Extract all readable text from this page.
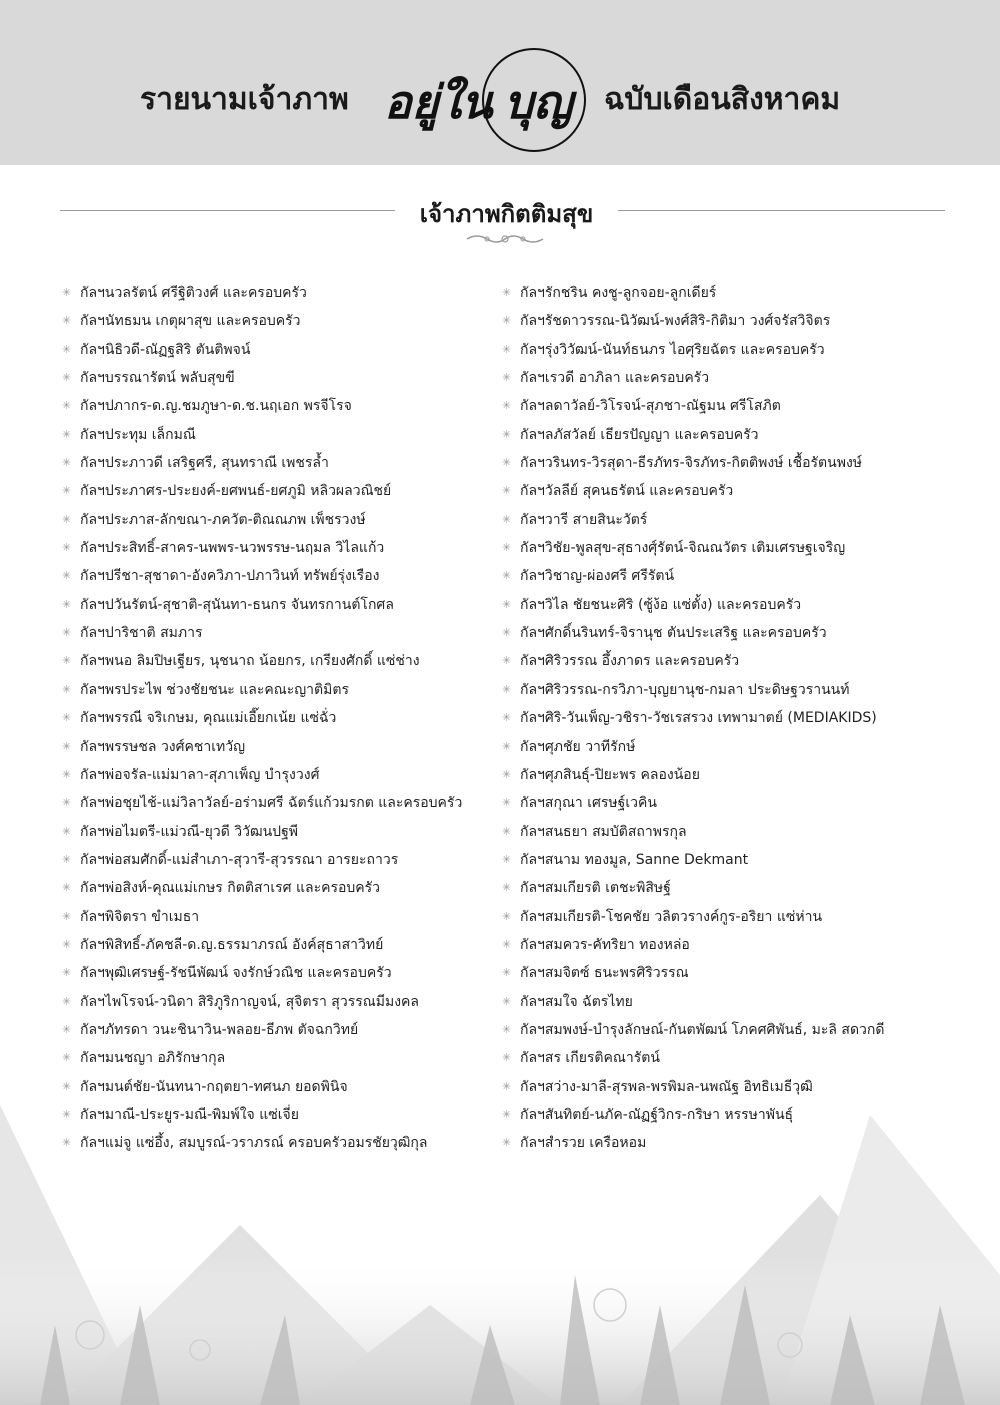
รายนามเจ้าภาพ อยู่ใน บุญ ฉบับเดือนสิงหาคม
เจ้าภาพกิตติมสุข
✳ กัลฯนวลรัตน์ ศรีฐิติวงศ์ และครอบครัว
✳ กัลฯนัทธมน เกตุผาสุข และครอบครัว
✳ กัลฯนิธิวดี-ณัฏฐสิริ ตันติพจน์
✳ กัลฯบรรณารัตน์ พลับสุขขี
✳ กัลฯปภากร-ด.ญ.ชมภูษา-ด.ช.นฤเอก พรจีโรจ
✳ กัลฯประทุม เล็กมณี
✳ กัลฯประภาวดี เสริฐศรี, สุนทราณี เพชรล้ำ
✳ กัลฯประภาศร-ประยงค์-ยศพนธ์-ยศภูมิ หลิวผลวณิชย์
✳ กัลฯประภาส-ลักขณา-ภควัต-ติณณภพ เพ็ชรวงษ์
✳ กัลฯประสิทธิ์-สาคร-นพพร-นวพรรษ-นฤมล วิไลแก้ว
✳ กัลฯปรีชา-สุชาดา-อังควิภา-ปภาวินท์ ทรัพย์รุ่งเรือง
✳ กัลฯปวันรัตน์-สุชาติ-สุนันทา-ธนกร จันทรกานต์โกศล
✳ กัลฯปาริชาติ สมภาร
✳ กัลฯพนอ ลิมปิษเฐียร, นุชนาถ น้อยกร, เกรียงศักดิ์ แซ่ช่าง
✳ กัลฯพรประไพ ช่วงชัยชนะ และคณะญาติมิตร
✳ กัลฯพรรณี จริเกษม, คุณแม่เอี๊ยกเน้ย แซ่ฉั่ว
✳ กัลฯพรรษชล วงศ์คชาเทวัญ
✳ กัลฯพ่อจรัล-แม่มาลา-สุภาเพ็ญ บำรุงวงศ์
✳ กัลฯพ่อชุยไช้-แม่วิลาวัลย์-อร่ามศรี ฉัตร์แก้วมรกต และครอบครัว
✳ กัลฯพ่อไมตรี-แม่วณี-ยุวดี วิวัฒนปฐพี
✳ กัลฯพ่อสมศักดิ์-แม่สำเภา-สุวารี-สุวรรณา อารยะถาวร
✳ กัลฯพ่อสิงห์-คุณแม่เกษร กิตติสาเรศ และครอบครัว
✳ กัลฯพิจิตรา ขำเมธา
✳ กัลฯพิสิทธิ์-ภัคชลี-ด.ญ.ธรรมาภรณ์ อังค์สุธาสาวิทย์
✳ กัลฯพุฒิเศรษฐ์-รัชนีพัฒน์ จงรักษ์วณิช และครอบครัว
✳ กัลฯไพโรจน์-วนิดา สิริภูริกาญจน์, สุจิตรา สุวรรณมีมงคล
✳ กัลฯภัทรดา วนะชินาวิน-พลอย-ธีภพ ตัจฉกวิทย์
✳ กัลฯมนชญา อภิรักษากุล
✳ กัลฯมนต์ชัย-นันทนา-กฤตยา-ทศนภ ยอดพินิจ
✳ กัลฯมาณี-ประยูร-มณี-พิมพ์ใจ แซ่เจี่ย
✳ กัลฯแม่จู แซ่อึ้ง, สมบูรณ์-วราภรณ์ ครอบครัวอมรชัยวุฒิกุล
✳ กัลฯรักชริน คงชู-ลูกจอย-ลูกเดียร์
✳ กัลฯรัชดาวรรณ-นิวัฒน์-พงศ์สิริ-กิติมา วงศ์จรัสวิจิตร
✳ กัลฯรุ่งวิวัฒน์-นันท์ธนภร ไอศุริยฉัตร และครอบครัว
✳ กัลฯเรวดี อาภิลา และครอบครัว
✳ กัลฯลดาวัลย์-วิโรจน์-สุภชา-ณัฐมน ศรีโสภิต
✳ กัลฯลภัสวัลย์ เธียรปัญญา และครอบครัว
✳ กัลฯวรินทร-วิรสุดา-ธีรภัทร-จิรภัทร-กิตติพงษ์ เชื้อรัตนพงษ์
✳ กัลฯวัลลีย์ สุคนธรัตน์ และครอบครัว
✳ กัลฯวารี สายสินะวัตร์
✳ กัลฯวิชัย-พูลสุข-สุธางศุ์รัตน์-จิณณวัตร เติมเศรษฐเจริญ
✳ กัลฯวิชาญ-ผ่องศรี ศรีรัตน์
✳ กัลฯวิไล ชัยชนะศิริ (ซู้ง้อ แซ่ตั้ง) และครอบครัว
✳ กัลฯศักดิ์นรินทร์-จิรานุช ตันประเสริฐ และครอบครัว
✳ กัลฯศิริวรรณ อึ้งภาดร และครอบครัว
✳ กัลฯศิริวรรณ-กรวิภา-บุญยานุช-กมลา ประดิษฐวรานนท์
✳ กัลฯศิริ-วันเพ็ญ-วชิรา-วัชเรสรวง เทพามาตย์ (MEDIAKIDS)
✳ กัลฯศุภชัย วาทีรักษ์
✳ กัลฯศุภสินธุ์-ปิยะพร คลองน้อย
✳ กัลฯสกุณา เศรษฐ์เวคิน
✳ กัลฯสนธยา สมบัติสถาพรกุล
✳ กัลฯสนาม ทองมูล, Sanne Dekmant
✳ กัลฯสมเกียรติ เตชะพิสิษฐ์
✳ กัลฯสมเกียรติ-โชคชัย วลิตวรางค์กูร-อริยา แซ่ห่าน
✳ กัลฯสมควร-คัทริยา ทองหล่อ
✳ กัลฯสมจิตซ์ ธนะพรศิริวรรณ
✳ กัลฯสมใจ ฉัตรไทย
✳ กัลฯสมพงษ์-บำรุงลักษณ์-กันตพัฒน์ โภคศศิพันธ์, มะลิ สดวกดี
✳ กัลฯสร เกียรติคณารัตน์
✳ กัลฯสว่าง-มาลี-สุรพล-พรพิมล-นพณัฐ อิทธิเมธีวุฒิ
✳ กัลฯสันทิตย์-นภัค-ณัฏฐ์วิกร-กริษา หรรษาพันธุ์
✳ กัลฯสำรวย เครือหอม
